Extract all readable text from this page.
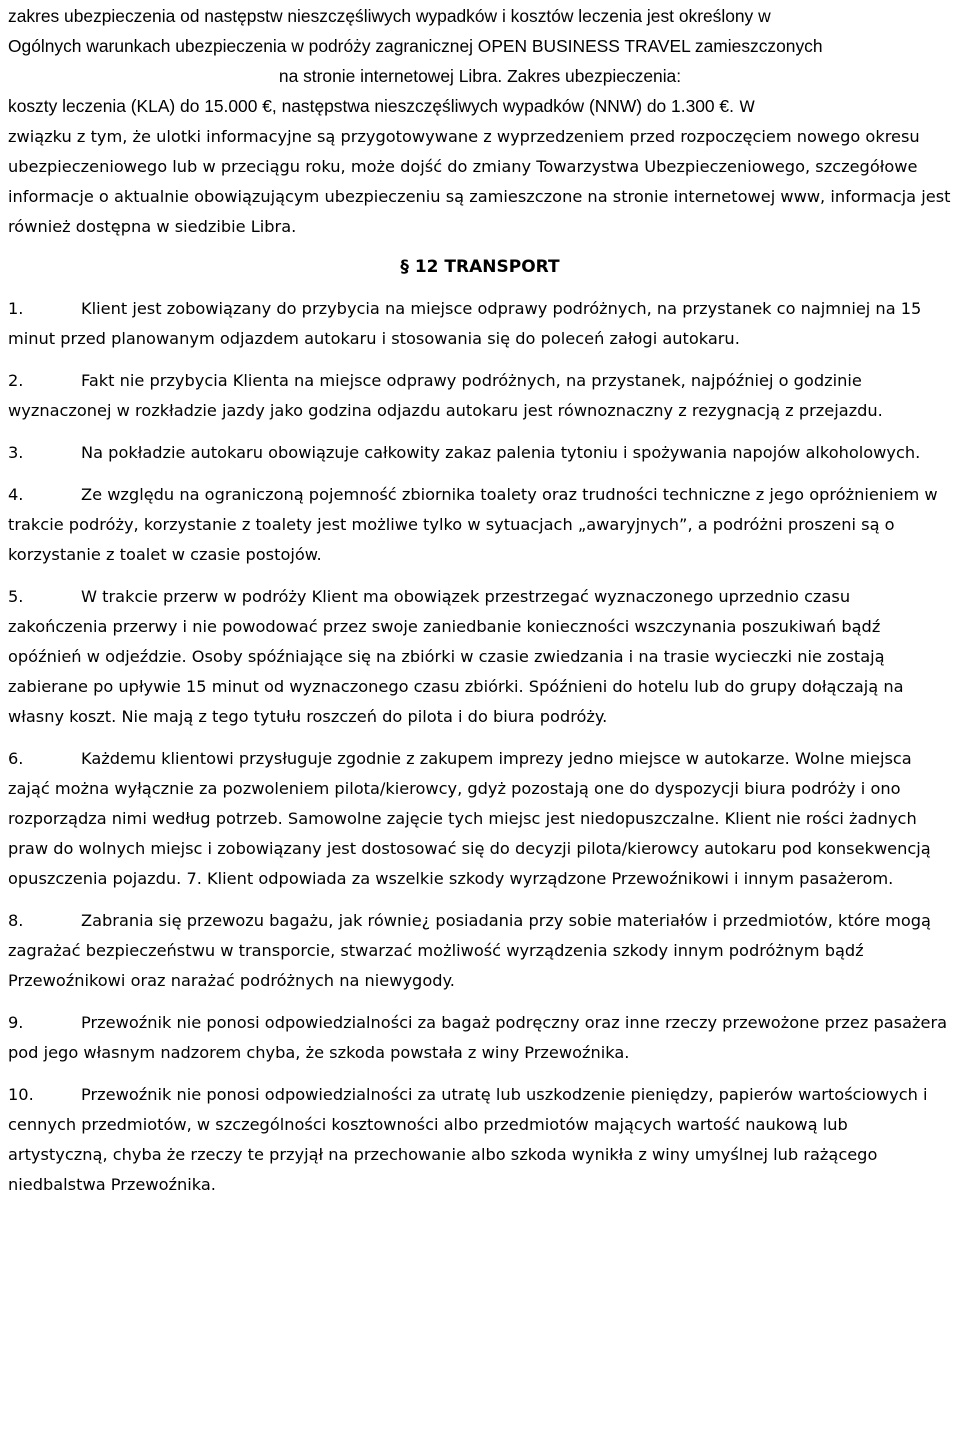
zakres ubezpieczenia od następstw nieszczęśliwych wypadków i kosztów leczenia jest określony w
Ogólnych warunkach ubezpieczenia w podróży zagranicznej OPEN BUSINESS TRAVEL zamieszczonych
na stronie internetowej Libra. Zakres ubezpieczenia:
koszty leczenia (KLA) do 15.000 €, następstwa nieszczęśliwych wypadków (NNW) do 1.300 €. W

związku z tym, że ulotki informacyjne są przygotowywane z wyprzedzeniem przed rozpoczęciem nowego okresu ubezpieczeniowego lub w przeciągu roku, może dojść do zmiany Towarzystwa Ubezpieczeniowego, szczegółowe informacje o aktualnie obowiązującym ubezpieczeniu są zamieszczone na stronie internetowej www, informacja jest również dostępna w siedzibie Libra.

§ 12 TRANSPORT

1.	Klient jest zobowiązany do przybycia na miejsce odprawy podróżnych, na przystanek co najmniej na 15 minut przed planowanym odjazdem autokaru i stosowania się do poleceń załogi autokaru.

2.	Fakt nie przybycia Klienta na miejsce odprawy podróżnych, na przystanek, najpóźniej o godzinie wyznaczonej w rozkładzie jazdy jako godzina odjazdu autokaru jest równoznaczny z rezygnacją z przejazdu.

3.	Na pokładzie autokaru obowiązuje całkowity zakaz palenia tytoniu i spożywania napojów alkoholowych.

4.	Ze względu na ograniczoną pojemność zbiornika toalety oraz trudności techniczne z jego opróżnieniem w trakcie podróży, korzystanie z toalety jest możliwe tylko w sytuacjach „awaryjnych”, a podróżni proszeni są o korzystanie z toalet w czasie postojów.

5.	W trakcie przerw w podróży Klient ma obowiązek przestrzegać wyznaczonego uprzednio czasu zakończenia przerwy i nie powodować przez swoje zaniedbanie konieczności wszczynania poszukiwań bądź opóźnień w odjeździe. Osoby spóźniające się na zbiórki w czasie zwiedzania i na trasie wycieczki nie zostają zabierane po upływie 15 minut od wyznaczonego czasu zbiórki. Spóźnieni do hotelu lub do grupy dołączają na własny koszt. Nie mają z tego tytułu roszczeń do pilota i do biura podróży.

6.	Każdemu klientowi przysługuje zgodnie z zakupem imprezy jedno miejsce w autokarze. Wolne miejsca zająć można wyłącznie za pozwoleniem pilota/kierowcy, gdyż pozostają one do dyspozycji biura podróży i ono rozporządza nimi według potrzeb. Samowolne zajęcie tych miejsc jest niedopuszczalne. Klient nie rości żadnych praw do wolnych miejsc i zobowiązany jest dostosować się do decyzji pilota/kierowcy autokaru pod konsekwencją opuszczenia pojazdu. 7. Klient odpowiada za wszelkie szkody wyrządzone Przewoźnikowi i innym pasażerom.

8.	Zabrania się przewozu bagażu, jak równie¿ posiadania przy sobie materiałów i przedmiotów, które mogą zagrażać bezpieczeństwu w transporcie, stwarzać możliwość wyrządzenia szkody innym podróżnym bądź Przewoźnikowi oraz narażać podróżnych na niewygody.

9.	Przewoźnik nie ponosi odpowiedzialności za bagaż podręczny oraz inne rzeczy przewożone przez pasażera pod jego własnym nadzorem chyba, że szkoda powstała z winy Przewoźnika.

10.	Przewoźnik nie ponosi odpowiedzialności za utratę lub uszkodzenie pieniędzy, papierów wartościowych i cennych przedmiotów, w szczególności kosztowności albo przedmiotów mających wartość naukową lub artystyczną, chyba że rzeczy te przyjął na przechowanie albo szkoda wynikła z winy umyślnej lub rażącego niedbalstwa Przewoźnika.
